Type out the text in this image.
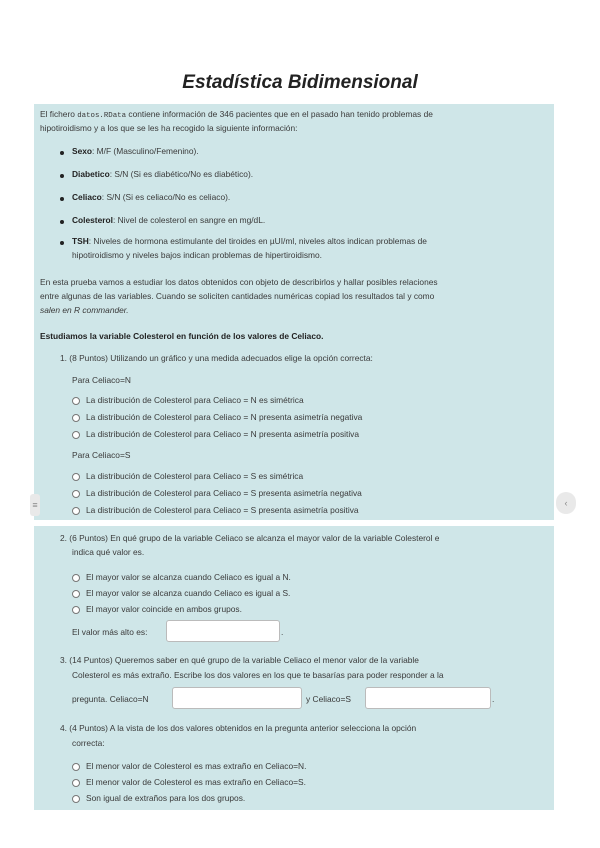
Estadística Bidimensional
El fichero datos.RData contiene información de 346 pacientes que en el pasado han tenido problemas de
hipotiroidismo y a los que se les ha recogido la siguiente información:
Sexo: M/F (Masculino/Femenino).
Diabetico: S/N (Si es diabético/No es diabético).
Celiaco: S/N (Si es celiaco/No es celiaco).
Colesterol: Nivel de colesterol en sangre en mg/dL.
TSH: Niveles de hormona estimulante del tiroides en µUI/ml, niveles altos indican problemas de
hipotiroidismo y niveles bajos indican problemas de hipertiroidismo.
En esta prueba vamos a estudiar los datos obtenidos con objeto de describirlos y hallar posibles relaciones
entre algunas de las variables. Cuando se soliciten cantidades numéricas copiad los resultados tal y como
salen en R commander.
Estudiamos la variable Colesterol en función de los valores de Celiaco.
1. (8 Puntos) Utilizando un gráfico y una medida adecuados elige la opción correcta:
Para Celiaco=N
La distribución de Colesterol para Celiaco = N es simétrica
La distribución de Colesterol para Celiaco = N presenta asimetría negativa
La distribución de Colesterol para Celiaco = N presenta asimetría positiva
Para Celiaco=S
La distribución de Colesterol para Celiaco = S es simétrica
La distribución de Colesterol para Celiaco = S presenta asimetría negativa
La distribución de Colesterol para Celiaco = S presenta asimetría positiva
≡	‹
2. (6 Puntos) En qué grupo de la variable Celiaco se alcanza el mayor valor de la variable Colesterol e
indica qué valor es.
El mayor valor se alcanza cuando Celiaco es igual a N.
El mayor valor se alcanza cuando Celiaco es igual a S.
El mayor valor coincide en ambos grupos.
El valor más alto es:	.
3. (14 Puntos) Queremos saber en qué grupo de la variable Celiaco el menor valor de la variable
Colesterol es más extraño. Escribe los dos valores en los que te basarías para poder responder a la
pregunta. Celiaco=N	y Celiaco=S	.
4. (4 Puntos) A la vista de los dos valores obtenidos en la pregunta anterior selecciona la opción
correcta:
El menor valor de Colesterol es mas extraño en Celiaco=N.
El menor valor de Colesterol es mas extraño en Celiaco=S.
Son igual de extraños para los dos grupos.
